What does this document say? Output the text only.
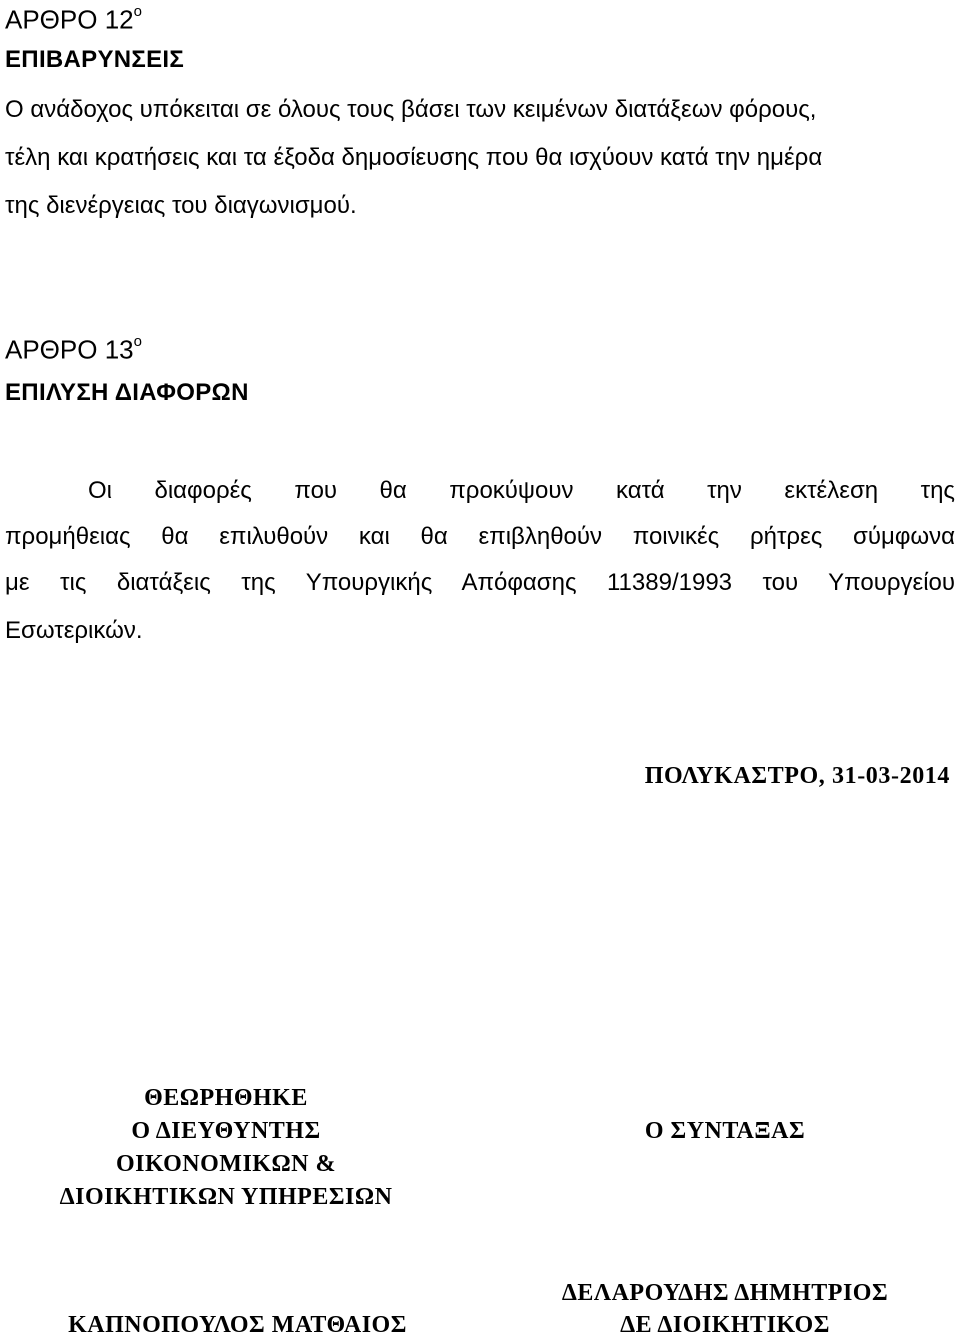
ΑΡΘΡΟ $12^o$
ΕΠΙΒΑΡΥΝΣΕΙΣ
Ο ανάδοχος υπόκειται σε όλους τους βάσει των κειμένων διατάξεων φόρους,
τέλη και κρατήσεις και τα έξοδα δημοσίευσης που θα ισχύουν κατά την ημέρα
της διενέργειας του διαγωνισμού.
ΑΡΘΡΟ $13^o$
ΕΠΙΛΥΣΗ ΔΙΑΦΟΡΩΝ
Οι διαφορές που θα προκύψουν κατά την εκτέλεση της
προμήθειας θα επιλυθούν και θα επιβληθούν ποινικές ρήτρες σύμφωνα
με τις διατάξεις της Υπουργικής Απόφασης 11389/1993 του Υπουργείου
Εσωτερικών.
ΠΟΛΥΚΑΣΤΡΟ, 31-03-2014
ΘΕΩΡΗΘΗΚΕ
Ο ΔΙΕΥΘΥΝΤΗΣ
ΟΙΚΟΝΟΜΙΚΩΝ &
ΔΙΟΙΚΗΤΙΚΩΝ ΥΠΗΡΕΣΙΩΝ
ΚΑΠΝΟΠΟΥΛΟΣ ΜΑΤΘΑΙΟΣ
Ο ΣΥΝΤΑΞΑΣ
ΔΕΛΑΡΟΥΔΗΣ ΔΗΜΗΤΡΙΟΣ
ΔΕ ΔΙΟΙΚΗΤΙΚΟΣ
